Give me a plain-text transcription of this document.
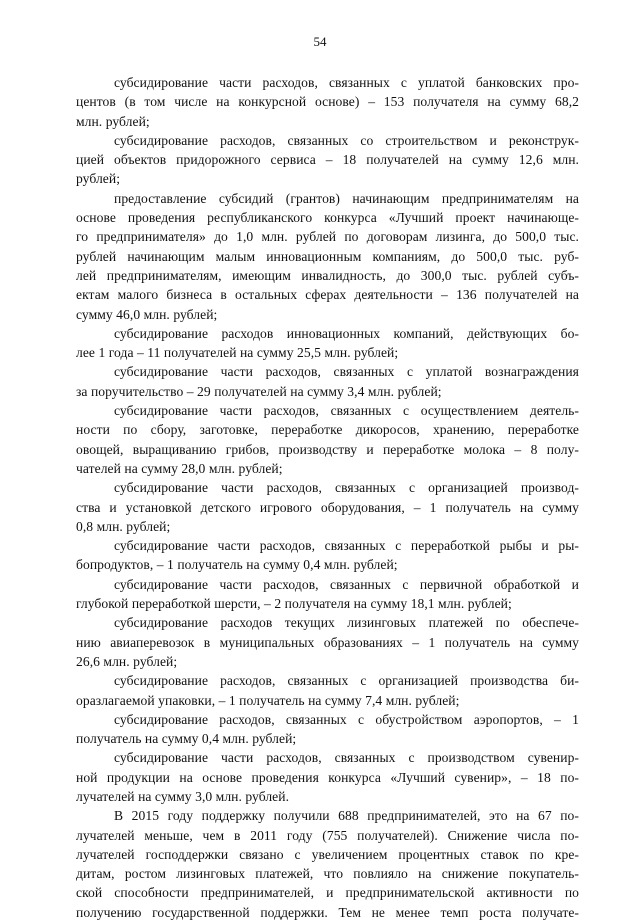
54
субсидирование части расходов, связанных с уплатой банковских про-
центов (в том числе на конкурсной основе) – 153 получателя на сумму 68,2
млн. рублей;
субсидирование расходов, связанных со строительством и реконструк-
цией объектов придорожного сервиса – 18 получателей на сумму 12,6 млн.
рублей;
предоставление субсидий (грантов) начинающим предпринимателям на
основе проведения республиканского конкурса «Лучший проект начинающе-
го предпринимателя» до 1,0 млн. рублей по договорам лизинга, до 500,0 тыс.
рублей начинающим малым инновационным компаниям, до 500,0 тыс. руб-
лей предпринимателям, имеющим инвалидность, до 300,0 тыс. рублей субъ-
ектам малого бизнеса в остальных сферах деятельности – 136 получателей на
сумму 46,0 млн. рублей;
субсидирование расходов инновационных компаний, действующих бо-
лее 1 года – 11 получателей на сумму 25,5 млн. рублей;
субсидирование части расходов, связанных с уплатой вознаграждения
за поручительство – 29 получателей на сумму 3,4 млн. рублей;
субсидирование части расходов, связанных с осуществлением деятель-
ности по сбору, заготовке, переработке дикоросов, хранению, переработке
овощей, выращиванию грибов, производству и переработке молока – 8 полу-
чателей на сумму 28,0 млн. рублей;
субсидирование части расходов, связанных с организацией производ-
ства и установкой детского игрового оборудования, – 1 получатель на сумму
0,8 млн. рублей;
субсидирование части расходов, связанных с переработкой рыбы и ры-
бопродуктов, – 1 получатель на сумму 0,4 млн. рублей;
субсидирование части расходов, связанных с первичной обработкой и
глубокой переработкой шерсти, – 2 получателя на сумму 18,1 млн. рублей;
субсидирование расходов текущих лизинговых платежей по обеспече-
нию авиаперевозок в муниципальных образованиях – 1 получатель на сумму
26,6 млн. рублей;
субсидирование расходов, связанных с организацией производства би-
оразлагаемой упаковки, – 1 получатель на сумму 7,4 млн. рублей;
субсидирование расходов, связанных с обустройством аэропортов, – 1
получатель на сумму 0,4 млн. рублей;
субсидирование части расходов, связанных с производством сувенир-
ной продукции на основе проведения конкурса «Лучший сувенир», – 18 по-
лучателей на сумму 3,0 млн. рублей.
В 2015 году поддержку получили 688 предпринимателей, это на 67 по-
лучателей меньше, чем в 2011 году (755 получателей). Снижение числа по-
лучателей господдержки связано с увеличением процентных ставок по кре-
дитам, ростом лизинговых платежей, что повлияло на снижение покупатель-
ской способности предпринимателей, и предпринимательской активности по
получению государственной поддержки. Тем не менее темп роста получате-
